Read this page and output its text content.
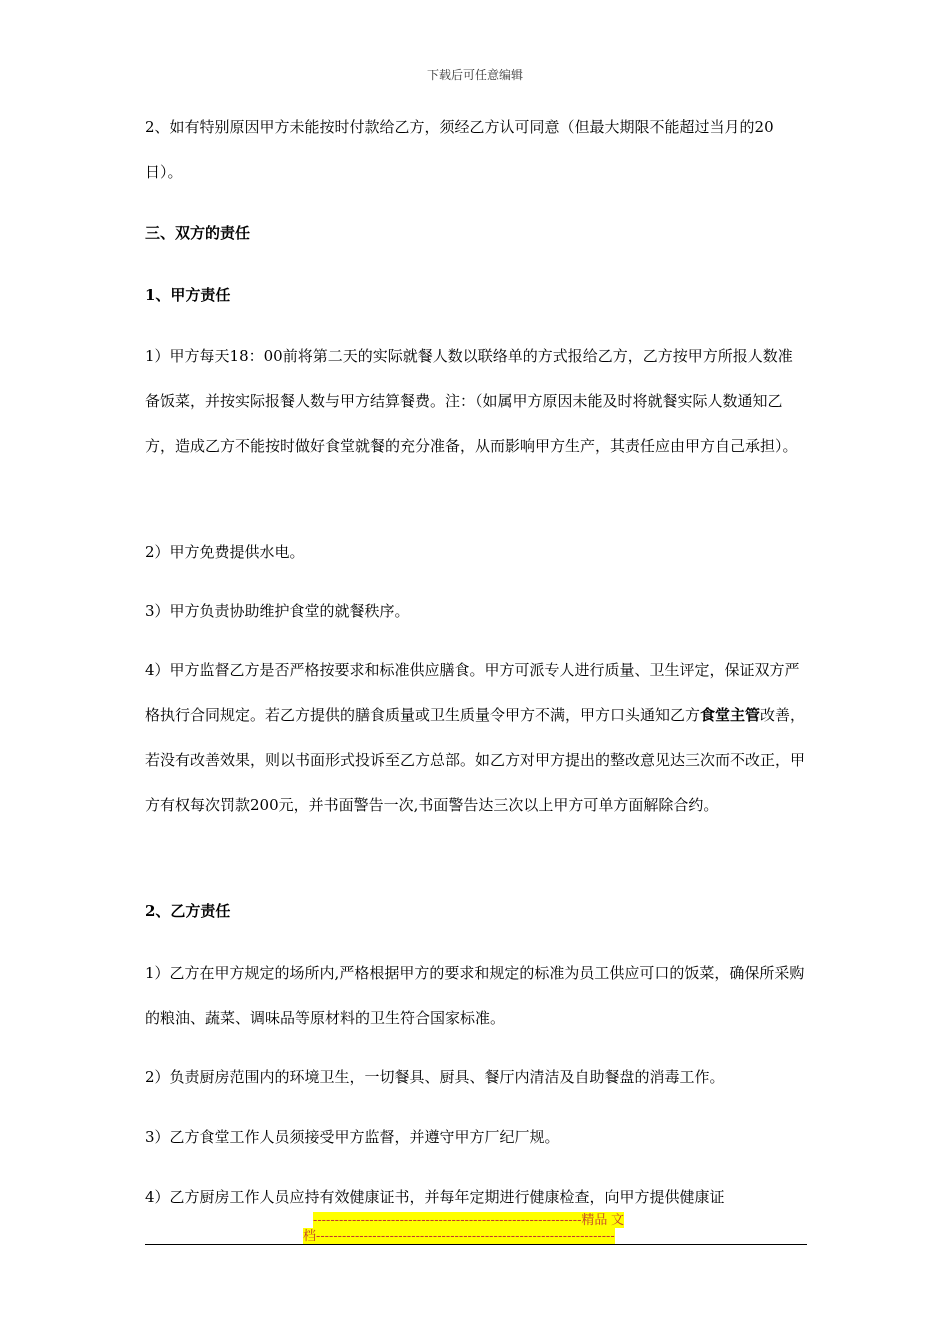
下载后可任意编辑
2、如有特别原因甲方未能按时付款给乙方，须经乙方认可同意（但最大期限不能超过当月的20日）。
三、双方的责任
1、甲方责任
1）甲方每天18：00前将第二天的实际就餐人数以联络单的方式报给乙方，乙方按甲方所报人数准备饭菜，并按实际报餐人数与甲方结算餐费。注：（如属甲方原因未能及时将就餐实际人数通知乙方，造成乙方不能按时做好食堂就餐的充分准备，从而影响甲方生产，其责任应由甲方自己承担）。
2）甲方免费提供水电。
3）甲方负责协助维护食堂的就餐秩序。
4）甲方监督乙方是否严格按要求和标准供应膳食。甲方可派专人进行质量、卫生评定，保证双方严格执行合同规定。若乙方提供的膳食质量或卫生质量令甲方不满，甲方口头通知乙方食堂主管改善，若没有改善效果，则以书面形式投诉至乙方总部。如乙方对甲方提出的整改意见达三次而不改正，甲方有权每次罚款200元，并书面警告一次,书面警告达三次以上甲方可单方面解除合约。
2、乙方责任
1）乙方在甲方规定的场所内,严格根据甲方的要求和规定的标准为员工供应可口的饭菜，确保所采购的粮油、蔬菜、调味品等原材料的卫生符合国家标准。
2）负责厨房范围内的环境卫生，一切餐具、厨具、餐厅内清洁及自助餐盘的消毒工作。
3）乙方食堂工作人员须接受甲方监督，并遵守甲方厂纪厂规。
4）乙方厨房工作人员应持有效健康证书，并每年定期进行健康检查，向甲方提供健康证
--------------------------------------------------------------精品 文
档---------------------------------------------------------------------
